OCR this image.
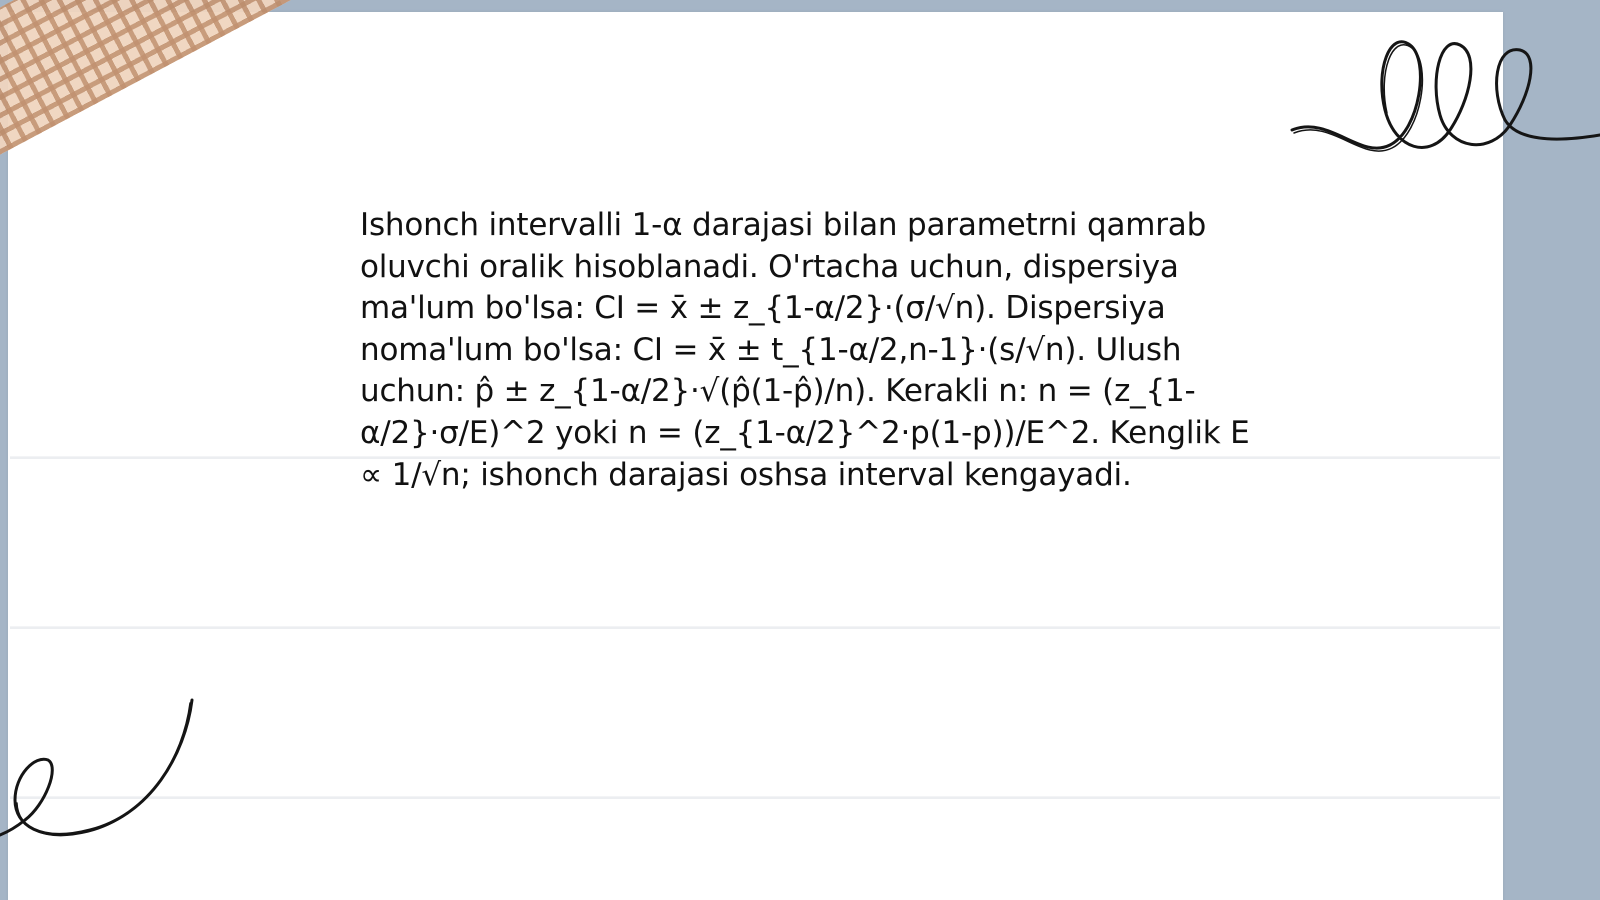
Ishonch intervalli 1-α darajasi bilan parametrni qamrab oluvchi oralik hisoblanadi. O'rtacha uchun, dispersiya ma'lum bo'lsa: CI = x̄ ± z_{1-α/2}·(σ/√n). Dispersiya noma'lum bo'lsa: CI = x̄ ± t_{1-α/2,n-1}·(s/√n). Ulush uchun: p̂ ± z_{1-α/2}·√(p̂(1-p̂)/n). Kerakli n: n = (z_{1-α/2}·σ/E)^2 yoki n = (z_{1-α/2}^2·p(1-p))/E^2. Kenglik E ∝ 1/√n; ishonch darajasi oshsa interval kengayadi.
